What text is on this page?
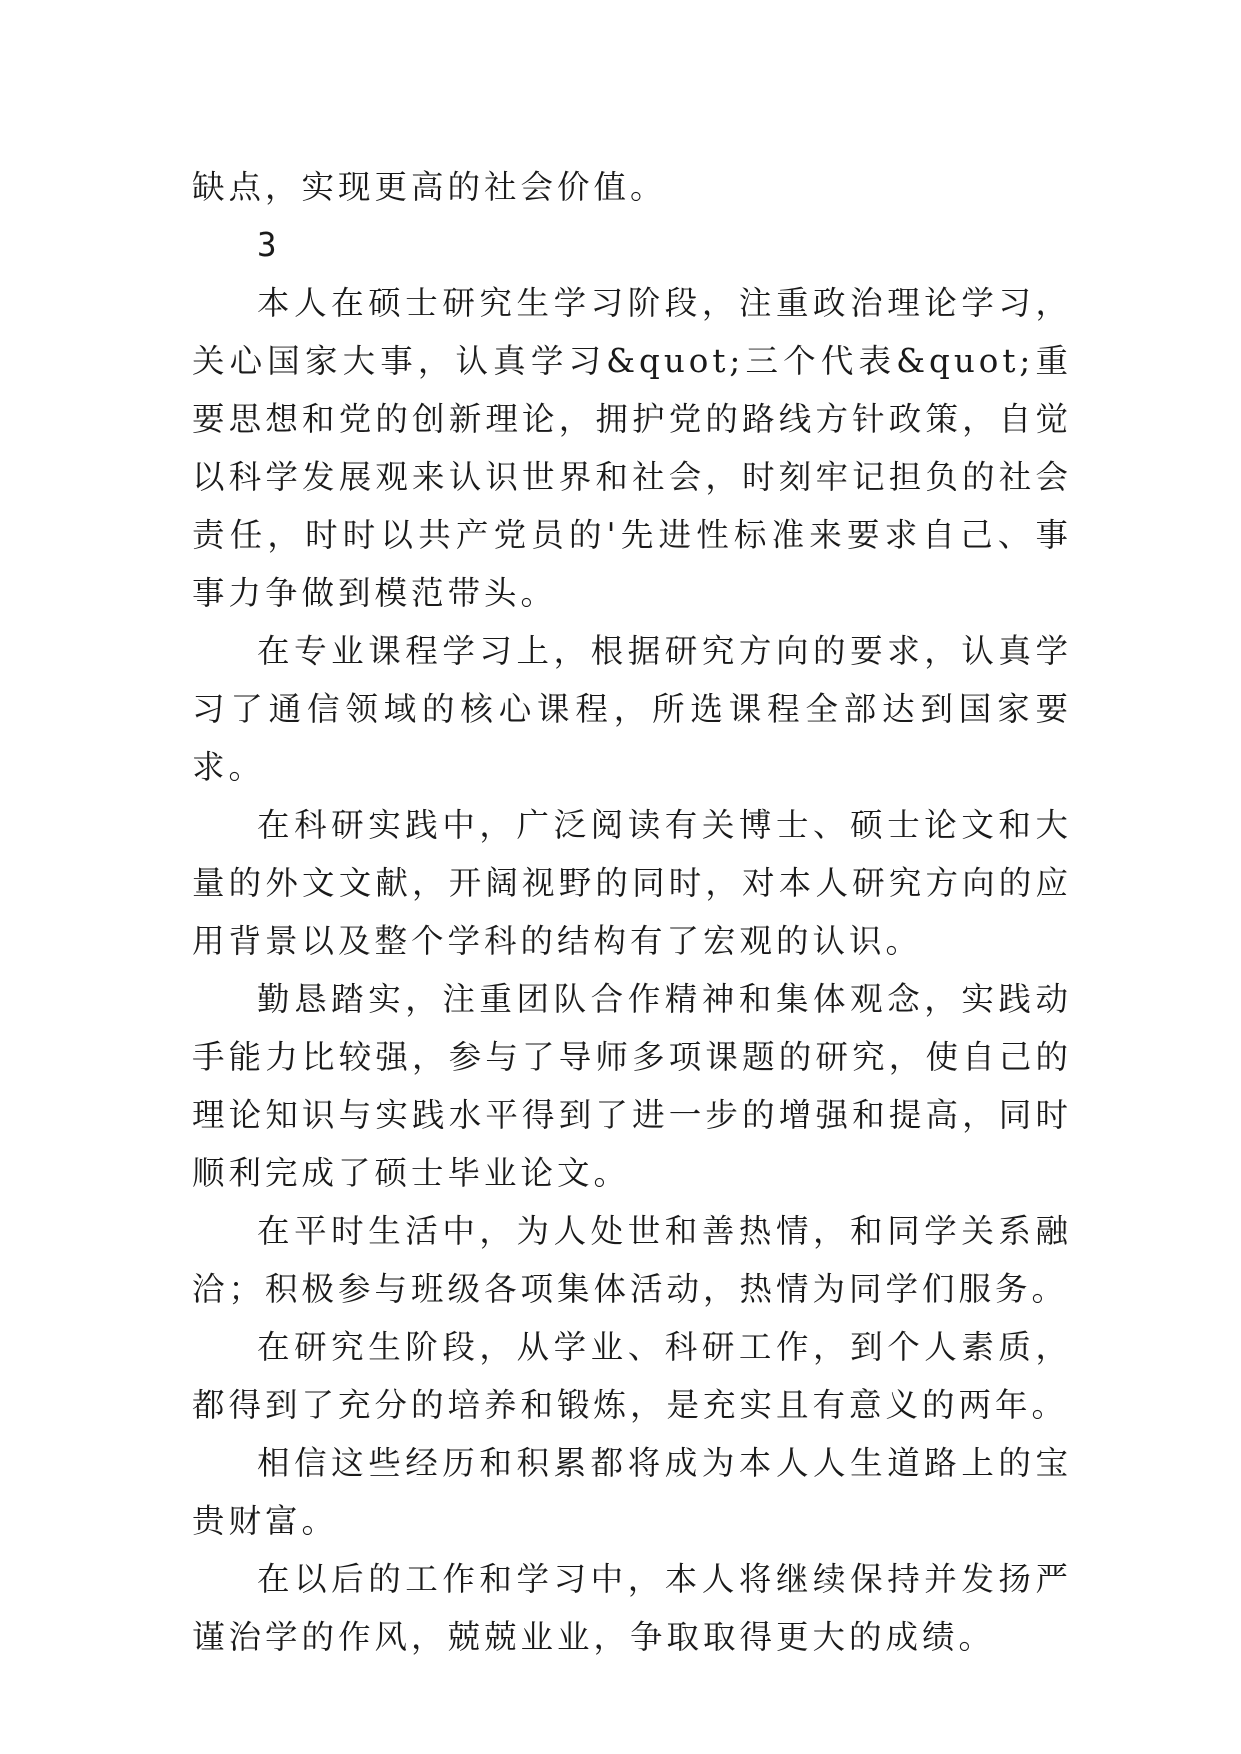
缺点，实现更高的社会价值。

3

本人在硕士研究生学习阶段，注重政治理论学习，关心国家大事，认真学习&quot;三个代表&quot;重要思想和党的创新理论，拥护党的路线方针政策，自觉以科学发展观来认识世界和社会，时刻牢记担负的社会责任，时时以共产党员的'先进性标准来要求自己、事事力争做到模范带头。

在专业课程学习上，根据研究方向的要求，认真学习了通信领域的核心课程，所选课程全部达到国家要求。

在科研实践中，广泛阅读有关博士、硕士论文和大量的外文文献，开阔视野的同时，对本人研究方向的应用背景以及整个学科的结构有了宏观的认识。

勤恳踏实，注重团队合作精神和集体观念，实践动手能力比较强，参与了导师多项课题的研究，使自己的理论知识与实践水平得到了进一步的增强和提高，同时顺利完成了硕士毕业论文。

在平时生活中，为人处世和善热情，和同学关系融洽；积极参与班级各项集体活动，热情为同学们服务。

在研究生阶段，从学业、科研工作，到个人素质，都得到了充分的培养和锻炼，是充实且有意义的两年。

相信这些经历和积累都将成为本人人生道路上的宝贵财富。

在以后的工作和学习中，本人将继续保持并发扬严谨治学的作风，兢兢业业，争取取得更大的成绩。
